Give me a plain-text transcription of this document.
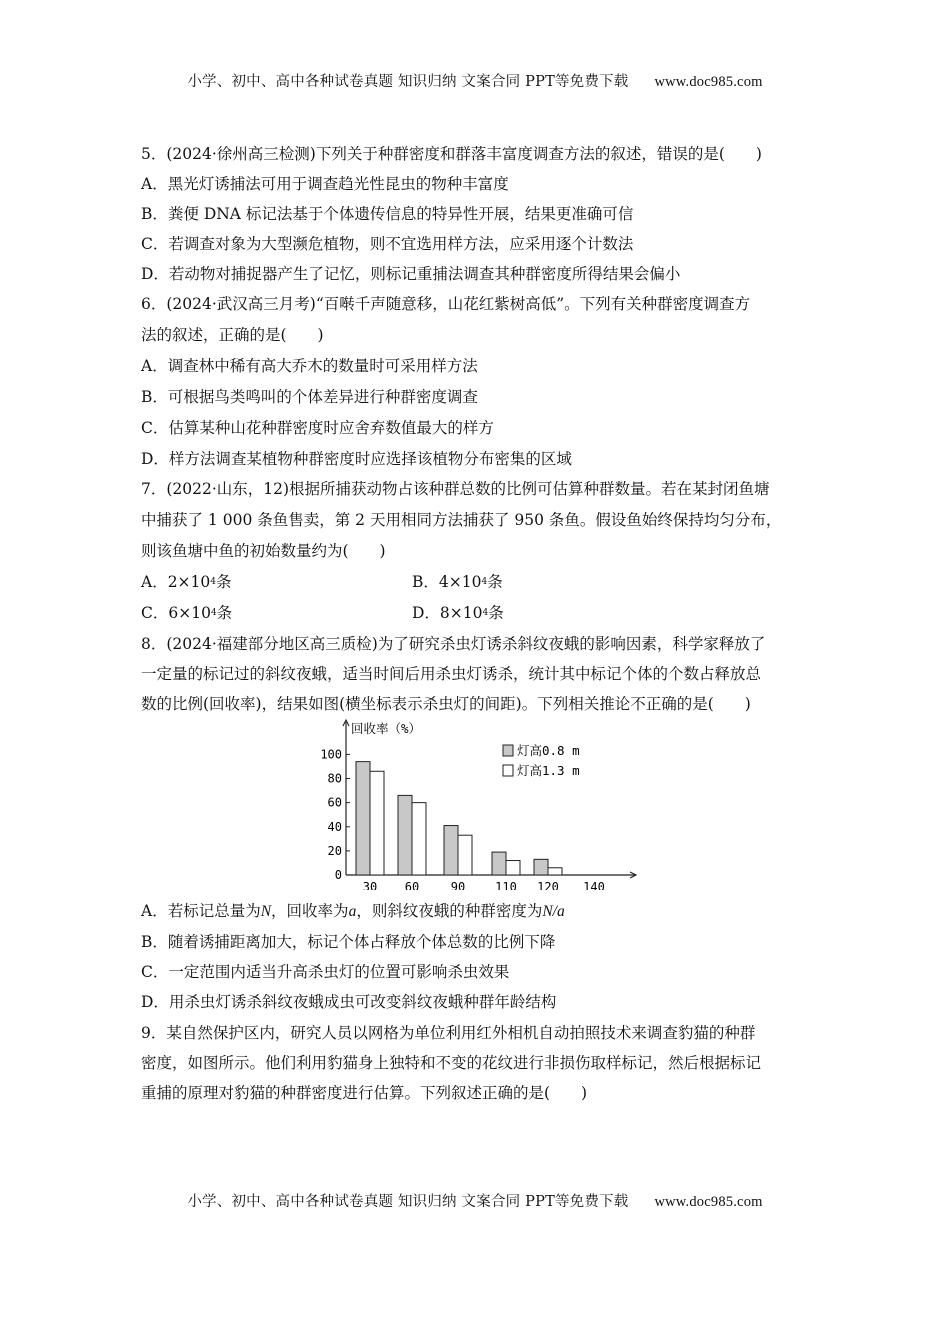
小学、初中、高中各种试卷真题 知识归纳 文案合同 PPT等免费下载 www.doc985.com
5．(2024·徐州高三检测)下列关于种群密度和群落丰富度调查方法的叙述，错误的是(　　)
A．黑光灯诱捕法可用于调查趋光性昆虫的物种丰富度
B．粪便 DNA 标记法基于个体遗传信息的特异性开展，结果更准确可信
C．若调查对象为大型濒危植物，则不宜选用样方法，应采用逐个计数法
D．若动物对捕捉器产生了记忆，则标记重捕法调查其种群密度所得结果会偏小
6．(2024·武汉高三月考)“百啭千声随意移，山花红紫树高低”。下列有关种群密度调查方
法的叙述，正确的是(　　)
A．调查林中稀有高大乔木的数量时可采用样方法
B．可根据鸟类鸣叫的个体差异进行种群密度调查
C．估算某种山花种群密度时应舍弃数值最大的样方
D．样方法调查某植物种群密度时应选择该植物分布密集的区域
7．(2022·山东，12)根据所捕获动物占该种群总数的比例可估算种群数量。若在某封闭鱼塘
中捕获了 1 000 条鱼售卖，第 2 天用相同方法捕获了 950 条鱼。假设鱼始终保持均匀分布，
则该鱼塘中鱼的初始数量约为(　　)
A．$2\times 10^4$条	B．$4\times 10^4$条
C．$6\times 10^4$条	D．$8\times 10^4$条
8．(2024·福建部分地区高三质检)为了研究杀虫灯诱杀斜纹夜蛾的影响因素，科学家释放了
一定量的标记过的斜纹夜蛾，适当时间后用杀虫灯诱杀，统计其中标记个体的个数占释放总
数的比例(回收率)，结果如图(横坐标表示杀虫灯的间距)。下列相关推论不正确的是(　　)
回收率（%）
0
20
40
60
80
100
30 60	90 110 120 140
灯高0.8 m
灯高1.3 m
A．若标记总量为N，回收率为a，则斜纹夜蛾的种群密度为N/a
B．随着诱捕距离加大，标记个体占释放个体总数的比例下降
C．一定范围内适当升高杀虫灯的位置可影响杀虫效果
D．用杀虫灯诱杀斜纹夜蛾成虫可改变斜纹夜蛾种群年龄结构
9．某自然保护区内，研究人员以网格为单位利用红外相机自动拍照技术来调查豹猫的种群
密度，如图所示。他们利用豹猫身上独特和不变的花纹进行非损伤取样标记，然后根据标记
重捕的原理对豹猫的种群密度进行估算。下列叙述正确的是(　　)
小学、初中、高中各种试卷真题 知识归纳 文案合同 PPT等免费下载 www.doc985.com
